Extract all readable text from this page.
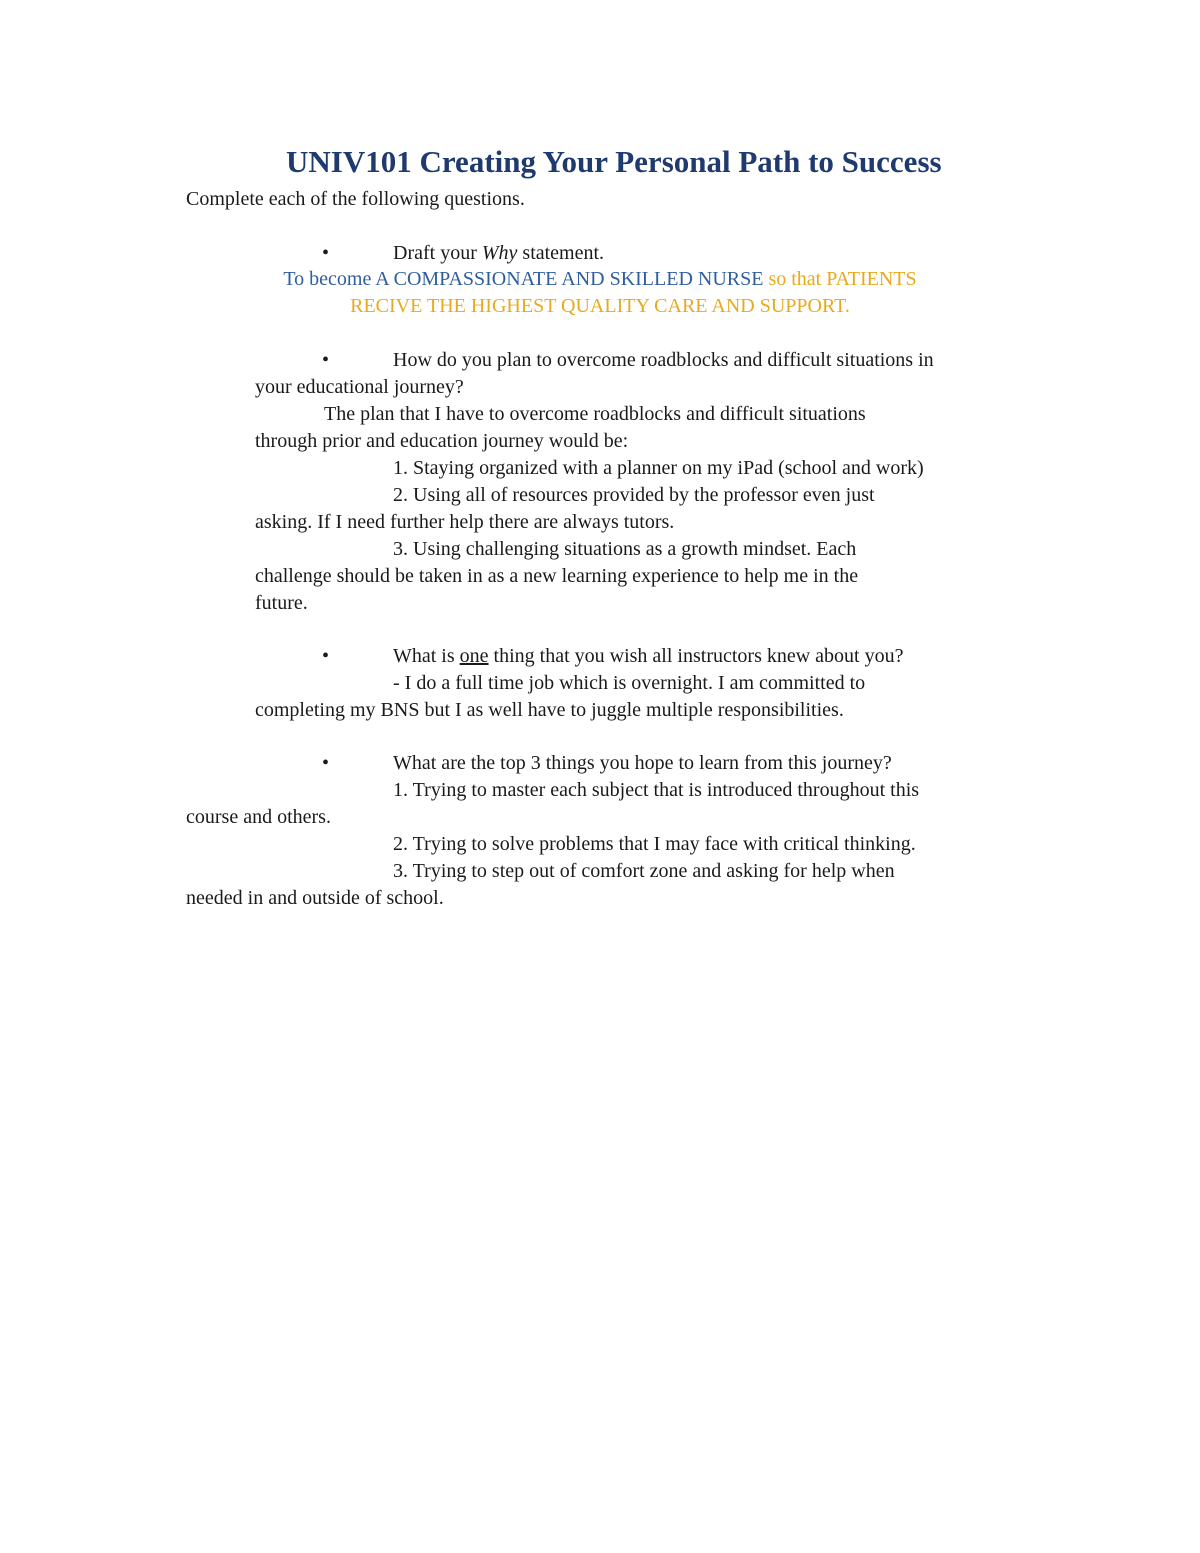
UNIV101 Creating Your Personal Path to Success
Complete each of the following questions.
•	Draft your Why statement.
To become A COMPASSIONATE AND SKILLED NURSE so that PATIENTS
RECIVE THE HIGHEST QUALITY CARE AND SUPPORT.
•	How do you plan to overcome roadblocks and difficult situations in
your educational journey?
The plan that I have to overcome roadblocks and difficult situations
through prior and education journey would be:
1. Staying organized with a planner on my iPad (school and work)
2. Using all of resources provided by the professor even just
asking. If I need further help there are always tutors.
3. Using challenging situations as a growth mindset. Each
challenge should be taken in as a new learning experience to help me in the
future.
•	What is one thing that you wish all instructors knew about you?
- I do a full time job which is overnight. I am committed to
completing my BNS but I as well have to juggle multiple responsibilities.
•	What are the top 3 things you hope to learn from this journey?
1. Trying to master each subject that is introduced throughout this
course and others.
2. Trying to solve problems that I may face with critical thinking.
3. Trying to step out of comfort zone and asking for help when
needed in and outside of school.
